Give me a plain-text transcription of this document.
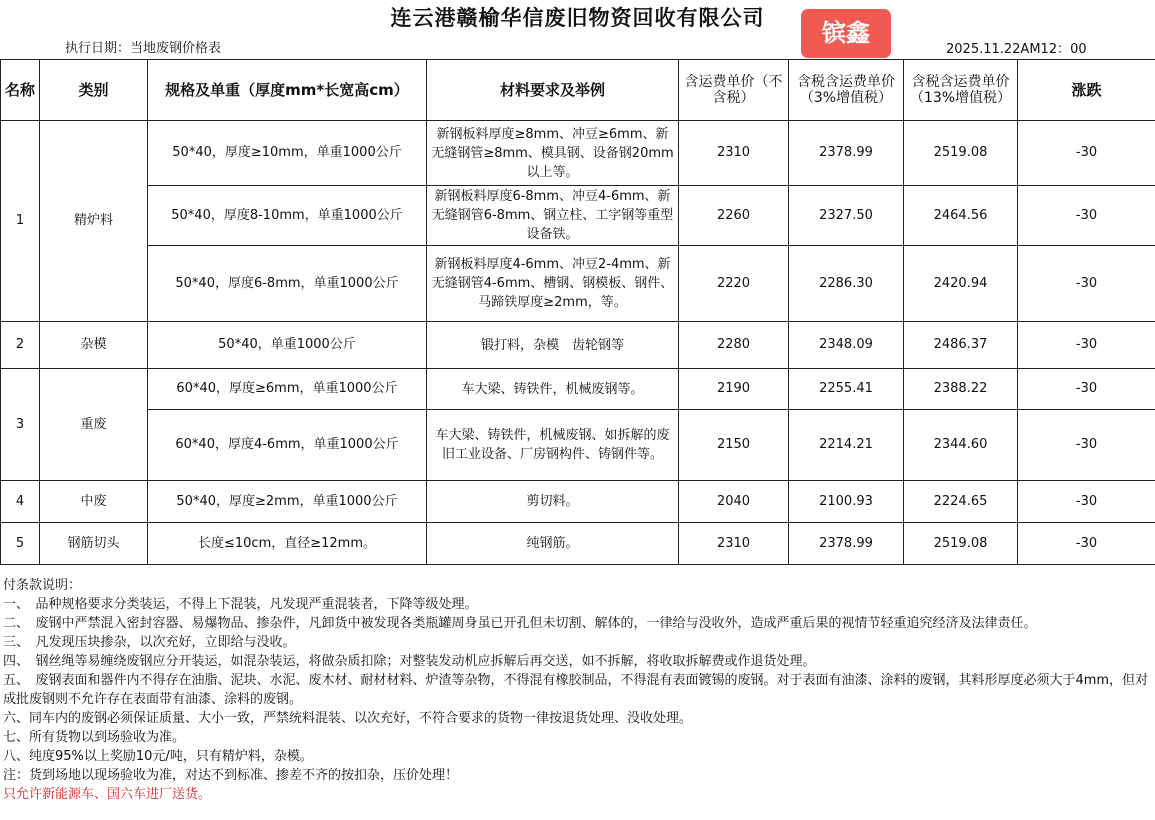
连云港赣榆华信废旧物资回收有限公司
执行日期：当地废钢价格表
镔鑫
2025.11.22AM12：00
名称	类别	规格及单重（厚度mm*长宽高cm）	材料要求及举例	含运费单价（不含税）	含税含运费单价（3%增值税）	含税含运费单价（13%增值税）	涨跌
1	精炉料	50*40，厚度≥10mm，单重1000公斤	新钢板料厚度≥8mm、冲豆≥6mm、新无缝钢管≥8mm、模具钢、设备钢20mm以上等。	2310	2378.99	2519.08	-30
		50*40，厚度8-10mm，单重1000公斤	新钢板料厚度6-8mm、冲豆4-6mm、新无缝钢管6-8mm、钢立柱、工字钢等重型设备铁。	2260	2327.50	2464.56	-30
		50*40，厚度6-8mm，单重1000公斤	新钢板料厚度4-6mm、冲豆2-4mm、新无缝钢管4-6mm、槽钢、钢模板、钢件、马蹄铁厚度≥2mm，等。	2220	2286.30	2420.94	-30
2	杂模	50*40，单重1000公斤	锻打料，杂模　齿轮钢等	2280	2348.09	2486.37	-30
3	重废	60*40，厚度≥6mm，单重1000公斤	车大梁、铸铁件，机械废钢等。	2190	2255.41	2388.22	-30
		60*40，厚度4-6mm，单重1000公斤	车大梁、铸铁件，机械废钢、如拆解的废旧工业设备、厂房钢构件、铸钢件等。	2150	2214.21	2344.60	-30
4	中废	50*40，厚度≥2mm，单重1000公斤	剪切料。	2040	2100.93	2224.65	-30
5	钢筋切头	长度≤10cm，直径≥12mm。	纯钢筋。	2310	2378.99	2519.08	-30
付条款说明：
一、　品种规格要求分类装运，不得上下混装，凡发现严重混装者，下降等级处理。
二、　废钢中严禁混入密封容器、易爆物品、掺杂件，凡卸货中被发现各类瓶罐周身虽已开孔但未切割、解体的，一律给与没收外，造成严重后果的视情节轻重追究经济及法律责任。
三、　凡发现压块掺杂，以次充好，立即给与没收。
四、　钢丝绳等易缠绕废钢应分开装运，如混杂装运，将做杂质扣除；对整装发动机应拆解后再交送，如不拆解，将收取拆解费或作退货处理。
五、　废钢表面和器件内不得存在油脂、泥块、水泥、废木材、耐材材料、炉渣等杂物，不得混有橡胶制品，不得混有表面镀锡的废钢。对于表面有油漆、涂料的废钢，其料形厚度必须大于4mm，但对成批废钢则不允许存在表面带有油漆、涂料的废钢。
六、同车内的废钢必须保证质量、大小一致，严禁统料混装、以次充好，不符合要求的货物一律按退货处理、没收处理。
七、所有货物以到场验收为准。
八、纯度95%以上奖励10元/吨，只有精炉料，杂模。
注：货到场地以现场验收为准，对达不到标准、掺差不齐的按扣杂，压价处理！
只允许新能源车、国六车进厂送货。
